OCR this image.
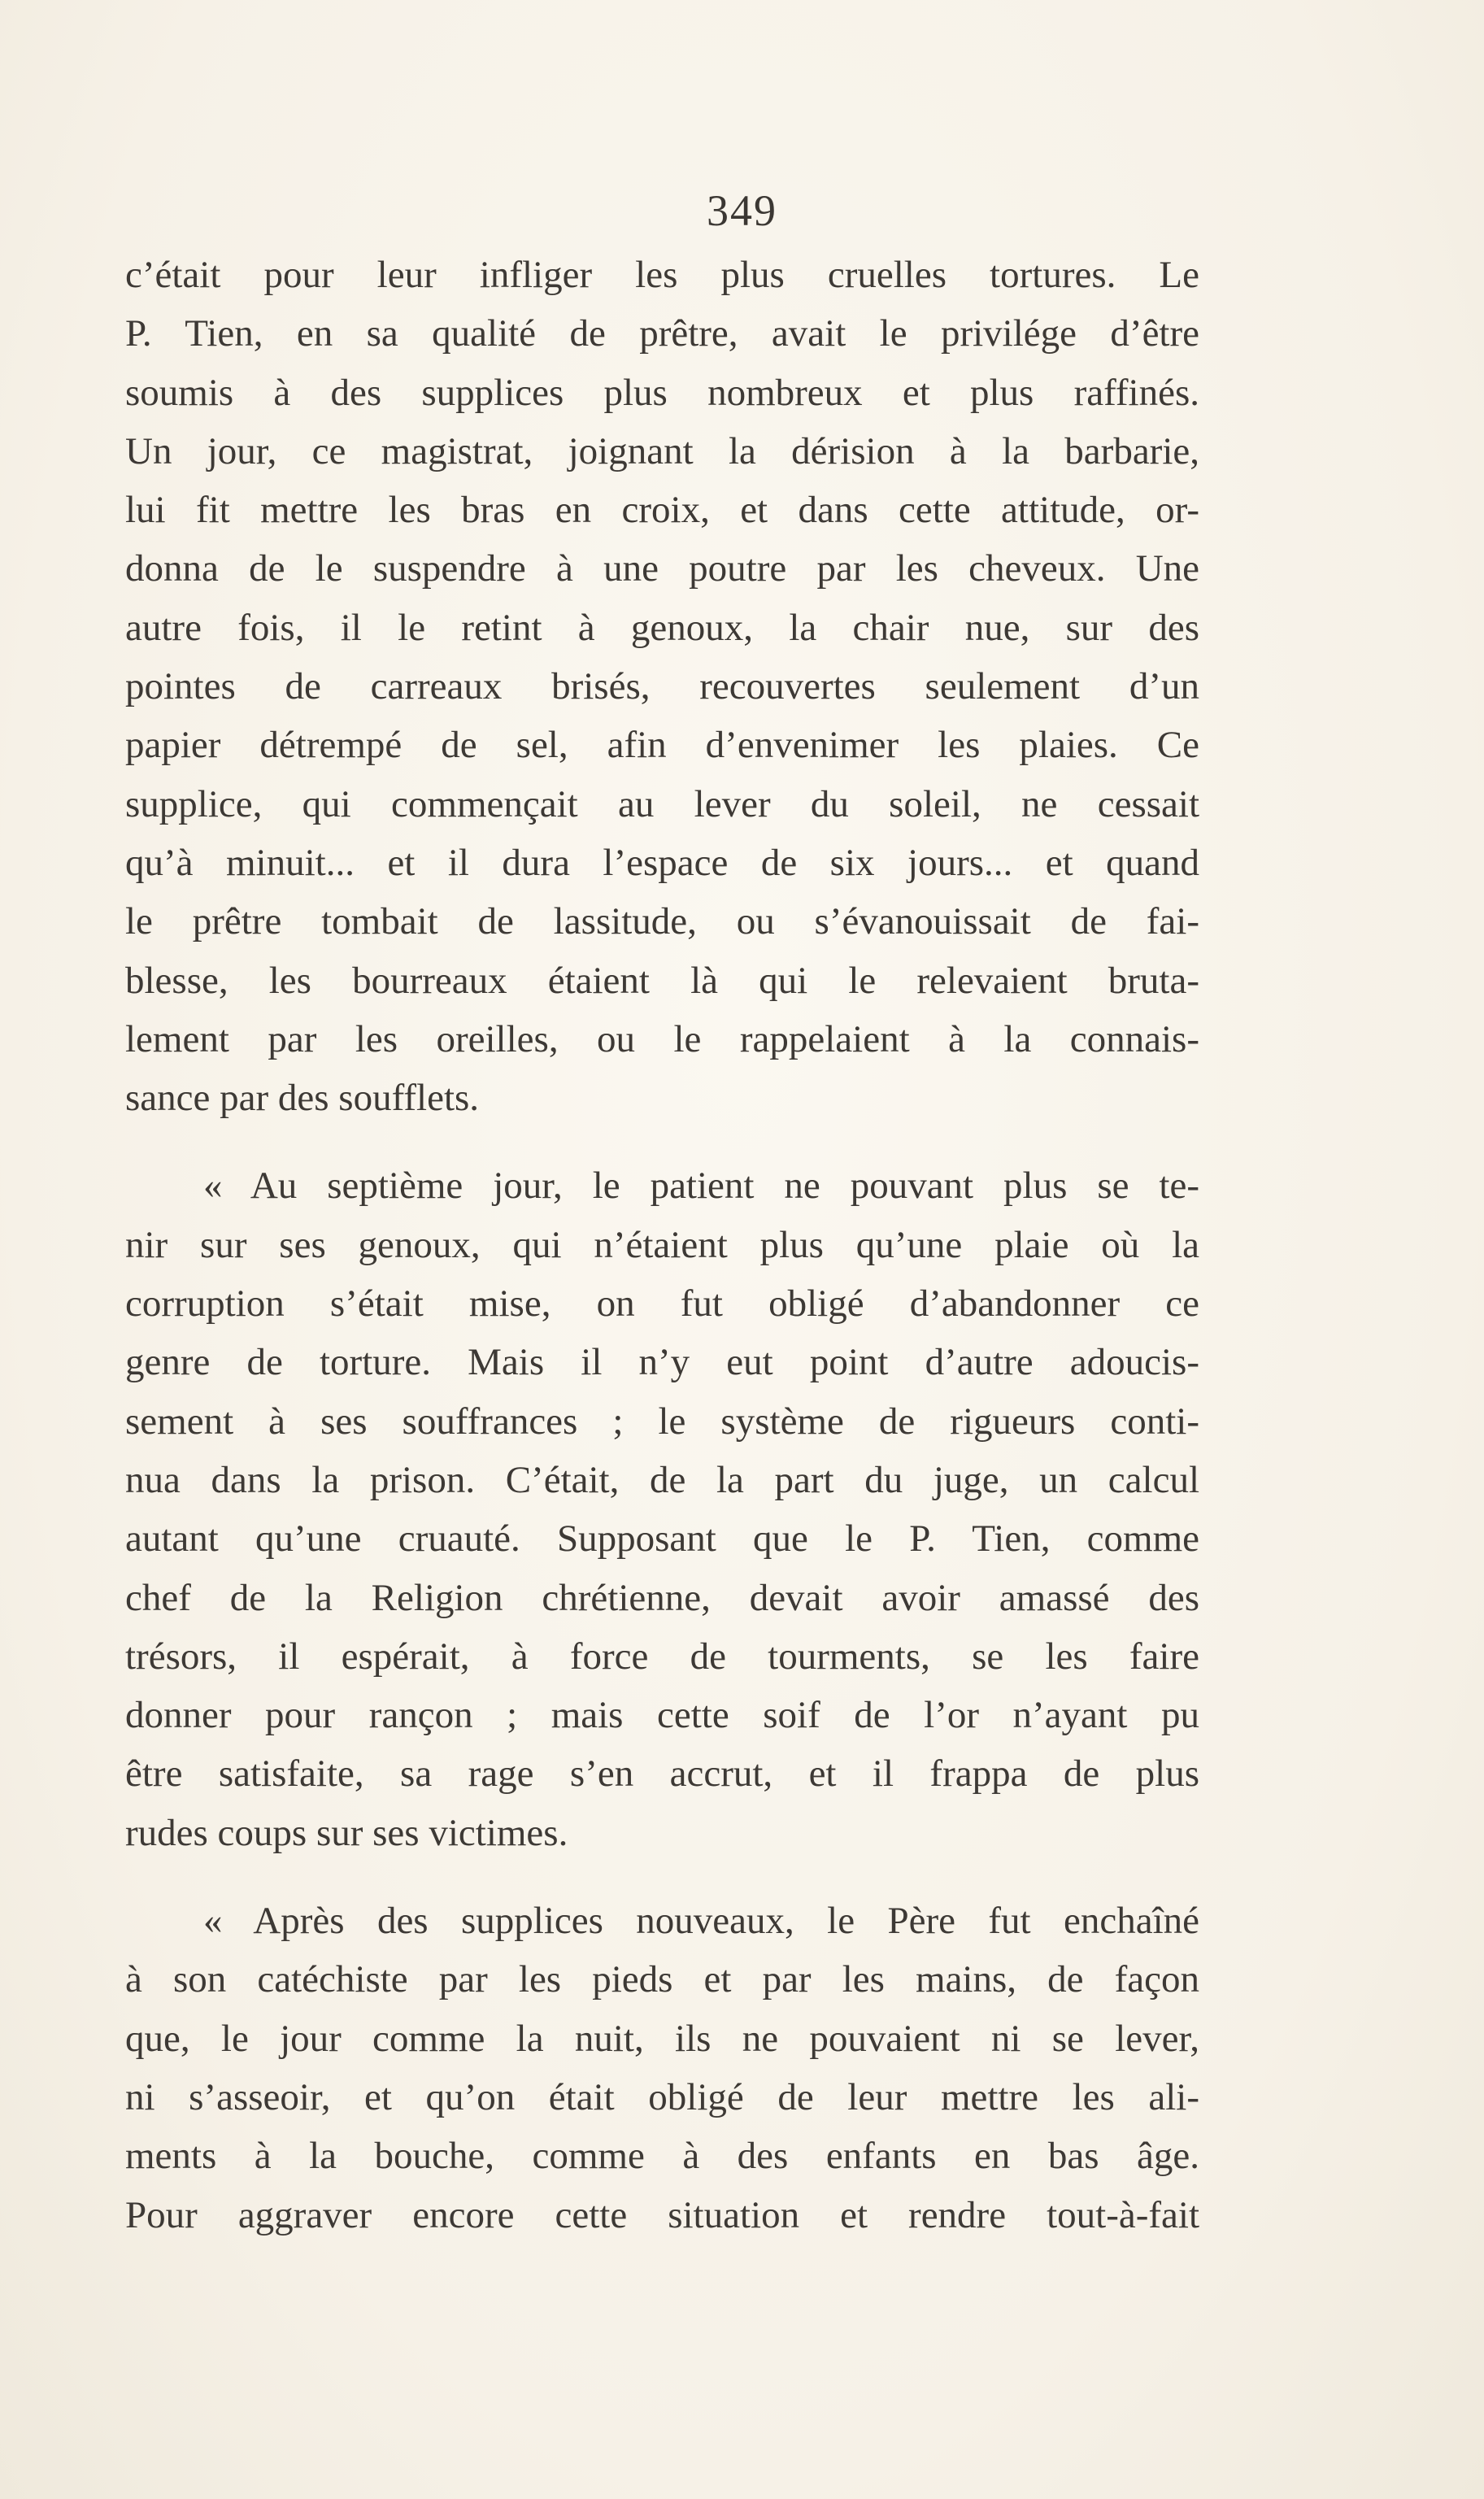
349
c’était pour leur infliger les plus cruelles tortures. Le
P. Tien, en sa qualité de prêtre, avait le privilége d’être
soumis à des supplices plus nombreux et plus raffinés.
Un jour, ce magistrat, joignant la dérision à la barbarie,
lui fit mettre les bras en croix, et dans cette attitude, or-
donna de le suspendre à une poutre par les cheveux. Une
autre fois, il le retint à genoux, la chair nue, sur des
pointes de carreaux brisés, recouvertes seulement d’un
papier détrempé de sel, afin d’envenimer les plaies. Ce
supplice, qui commençait au lever du soleil, ne cessait
qu’à minuit... et il dura l’espace de six jours... et quand
le prêtre tombait de lassitude, ou s’évanouissait de fai-
blesse, les bourreaux étaient là qui le relevaient bruta-
lement par les oreilles, ou le rappelaient à la connais-
sance par des soufflets.
« Au septième jour, le patient ne pouvant plus se te-
nir sur ses genoux, qui n’étaient plus qu’une plaie où la
corruption s’était mise, on fut obligé d’abandonner ce
genre de torture. Mais il n’y eut point d’autre adoucis-
sement à ses souffrances ; le système de rigueurs conti-
nua dans la prison. C’était, de la part du juge, un calcul
autant qu’une cruauté. Supposant que le P. Tien, comme
chef de la Religion chrétienne, devait avoir amassé des
trésors, il espérait, à force de tourments, se les faire
donner pour rançon ; mais cette soif de l’or n’ayant pu
être satisfaite, sa rage s’en accrut, et il frappa de plus
rudes coups sur ses victimes.
« Après des supplices nouveaux, le Père fut enchaîné
à son catéchiste par les pieds et par les mains, de façon
que, le jour comme la nuit, ils ne pouvaient ni se lever,
ni s’asseoir, et qu’on était obligé de leur mettre les ali-
ments à la bouche, comme à des enfants en bas âge.
Pour aggraver encore cette situation et rendre tout-à-fait
